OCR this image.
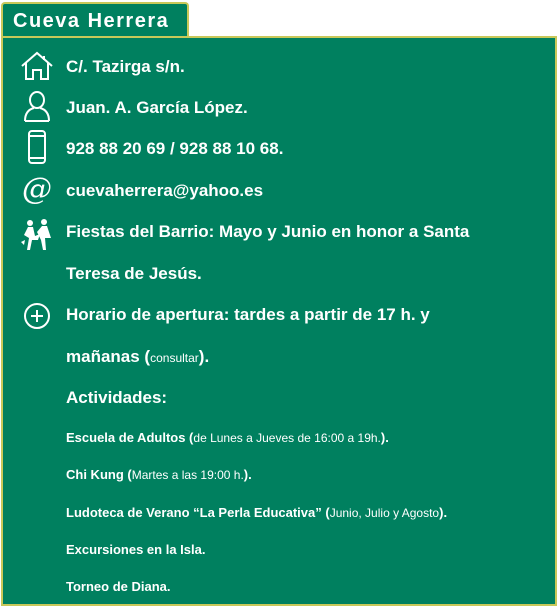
Cueva Herrera
C/. Tazirga s/n.
Juan. A. García López.
928 88 20 69 / 928 88 10 68.
@ cuevaherrera@yahoo.es
Fiestas del Barrio: Mayo y Junio en honor a Santa
Teresa de Jesús.
Horario de apertura: tardes a partir de 17 h. y
mañanas (consultar).
Actividades:
Escuela de Adultos (de Lunes a Jueves de 16:00 a 19h.).
Chi Kung (Martes a las 19:00 h.).
Ludoteca de Verano “La Perla Educativa” (Junio, Julio y Agosto).
Excursiones en la Isla.
Torneo de Diana.
